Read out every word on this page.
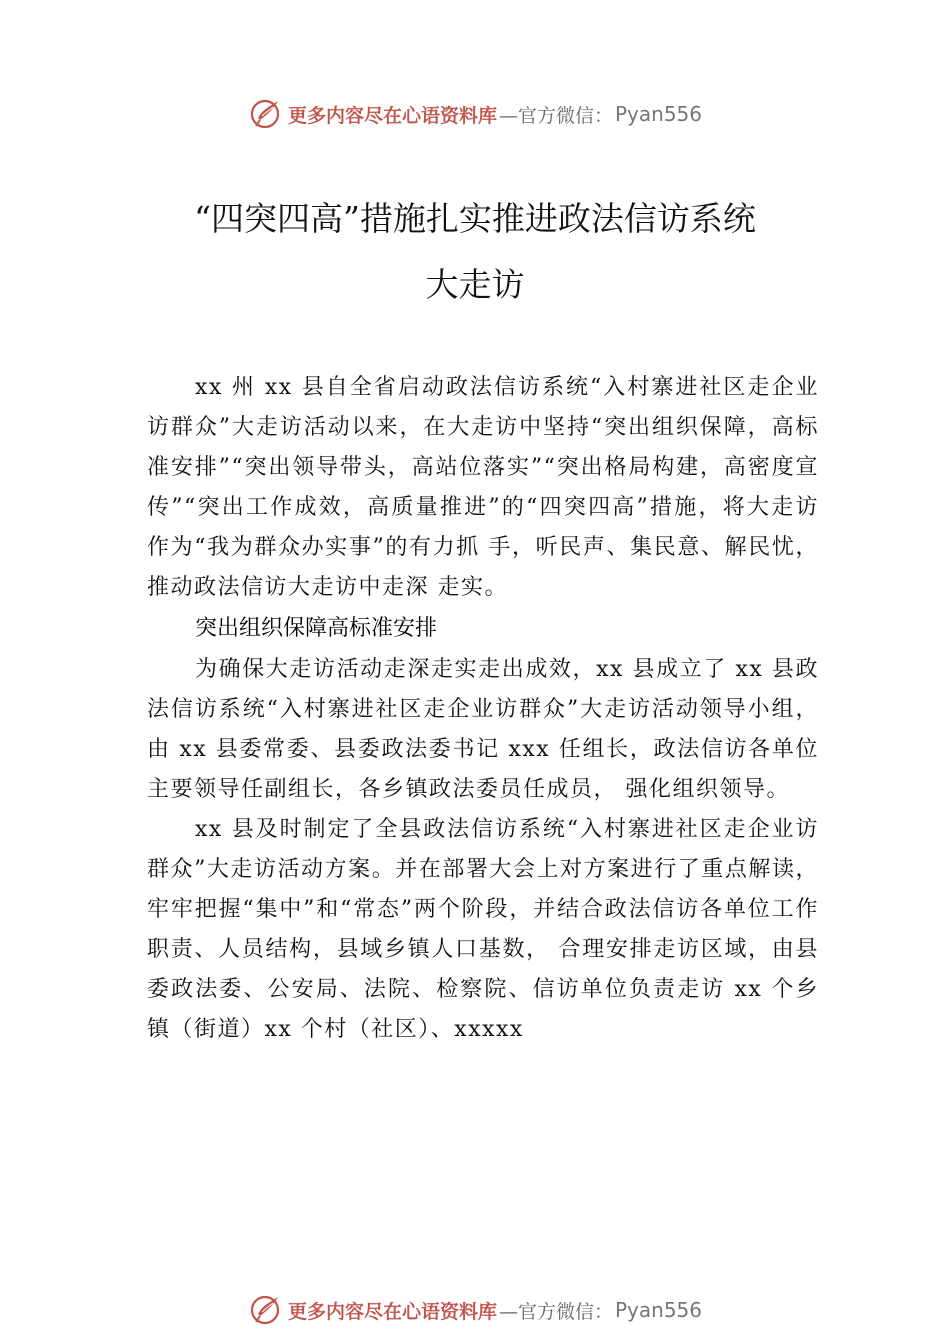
更多内容尽在心语资料库 —官方微信： Pyan556
“四突四高”措施扎实推进政法信访系统
大走访

xx 州 xx 县自全省启动政法信访系统“入村寨进社区走企业访群众”大走访活动以来，在大走访中坚持“突出组织保障，高标准安排”“突出领导带头，高站位落实”“突出格局构建，高密度宣传”“突出工作成效，高质量推进”的“四突四高”措施，将大走访作为“我为群众办实事”的有力抓 手，听民声、集民意、解民忧，推动政法信访大走访中走深 走实。

突出组织保障高标准安排

为确保大走访活动走深走实走出成效，xx 县成立了 xx 县政法信访系统“入村寨进社区走企业访群众”大走访活动领导小组，由 xx 县委常委、县委政法委书记 xxx 任组长，政法信访各单位主要领导任副组长，各乡镇政法委员任成员， 强化组织领导。

xx 县及时制定了全县政法信访系统“入村寨进社区走企业访群众”大走访活动方案。并在部署大会上对方案进行了重点解读，牢牢把握“集中”和“常态”两个阶段，并结合政法信访各单位工作职责、人员结构，县域乡镇人口基数， 合理安排走访区域，由县委政法委、公安局、法院、检察院、信访单位负责走访 xx 个乡镇（街道）xx 个村（社区）、xxxxx

更多内容尽在心语资料库 —官方微信： Pyan556
